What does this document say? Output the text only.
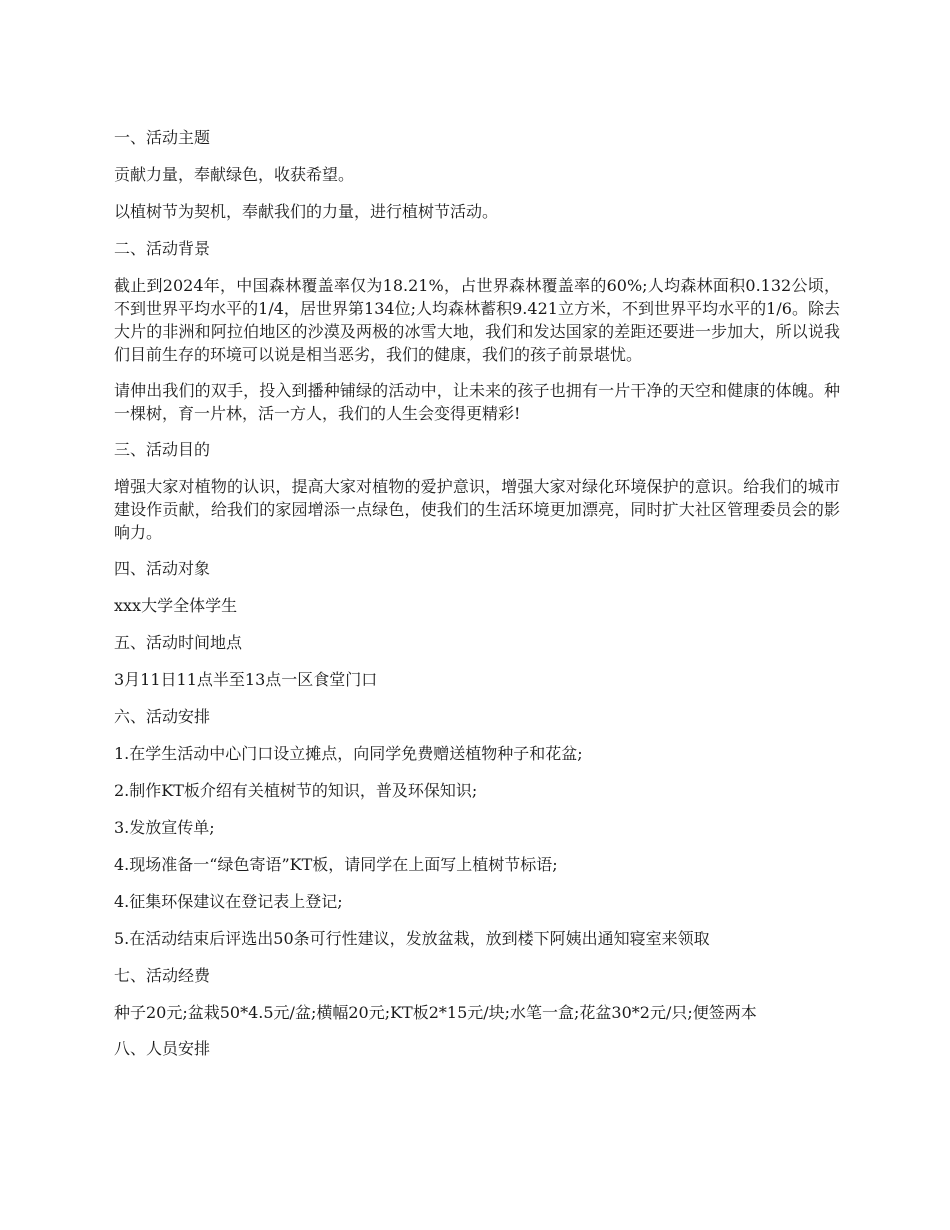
一、活动主题
贡献力量，奉献绿色，收获希望。
以植树节为契机，奉献我们的力量，进行植树节活动。
二、活动背景
截止到2024年，中国森林覆盖率仅为18.21%，占世界森林覆盖率的60%;人均森林面积0.132公顷，不到世界平均水平的1/4，居世界第134位;人均森林蓄积9.421立方米，不到世界平均水平的1/6。除去大片的非洲和阿拉伯地区的沙漠及两极的冰雪大地，我们和发达国家的差距还要进一步加大，所以说我们目前生存的环境可以说是相当恶劣，我们的健康，我们的孩子前景堪忧。
请伸出我们的双手，投入到播种铺绿的活动中，让未来的孩子也拥有一片干净的天空和健康的体魄。种一棵树，育一片林，活一方人，我们的人生会变得更精彩!
三、活动目的
增强大家对植物的认识，提高大家对植物的爱护意识，增强大家对绿化环境保护的意识。给我们的城市建设作贡献，给我们的家园增添一点绿色，使我们的生活环境更加漂亮，同时扩大社区管理委员会的影响力。
四、活动对象
xxx大学全体学生
五、活动时间地点
3月11日11点半至13点一区食堂门口
六、活动安排
1.在学生活动中心门口设立摊点，向同学免费赠送植物种子和花盆;
2.制作KT板介绍有关植树节的知识，普及环保知识;
3.发放宣传单;
4.现场准备一“绿色寄语”KT板，请同学在上面写上植树节标语;
4.征集环保建议在登记表上登记;
5.在活动结束后评选出50条可行性建议，发放盆栽，放到楼下阿姨出通知寝室来领取
七、活动经费
种子20元;盆栽50*4.5元/盆;横幅20元;KT板2*15元/块;水笔一盒;花盆30*2元/只;便签两本
八、人员安排
